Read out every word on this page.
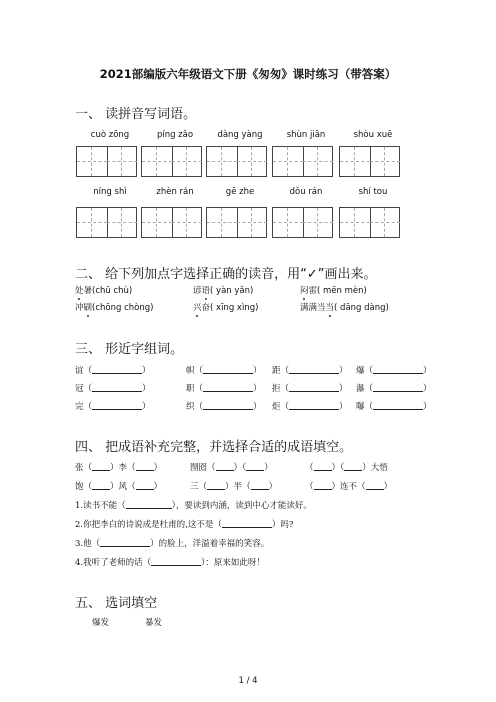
2021部编版六年级语文下册《匆匆》课时练习（带答案）
一、 读拼音写词语。
cuò zōng	píng zǎo	dàng yàng	shùn jiān	shòu xuē
níng shì	zhèn rán	gē zhe	dǒu rán	shí tou
二、 给下列加点字选择正确的读音，用“✓”画出来。
处暑(chǔ chù)	谚语( yàn yǎn)	闷雷( mēn mèn)
冲刷(chōng chòng)	兴奋( xīng xìng)	满满当当( dāng dàng)
三、 形近字组词。
谊（	）	帜（	） 距（	） 爆（	）
冠（	）	职（	） 拒（	） 瀑（	）
完（	）	织（	） 炬（	） 曝（	）
四、 把成语补充完整，并选择合适的成语填空。
张（ ）李（ ）	囫囵（ ）（ ）	（ ）（ ）大悟
饱（ ）风（ ）	三（ ）半（ ）	（ ）连不（ ）
1.读书不能（	），要读到内涵，读到中心才能读好。
2.你把李白的诗说成是杜甫的,这不是（	）吗?
3.他（	）的脸上，洋溢着幸福的笑容。
4.我听了老师的话（	）：原来如此呀！
五、 选词填空
爆发	暴发
1 / 4
